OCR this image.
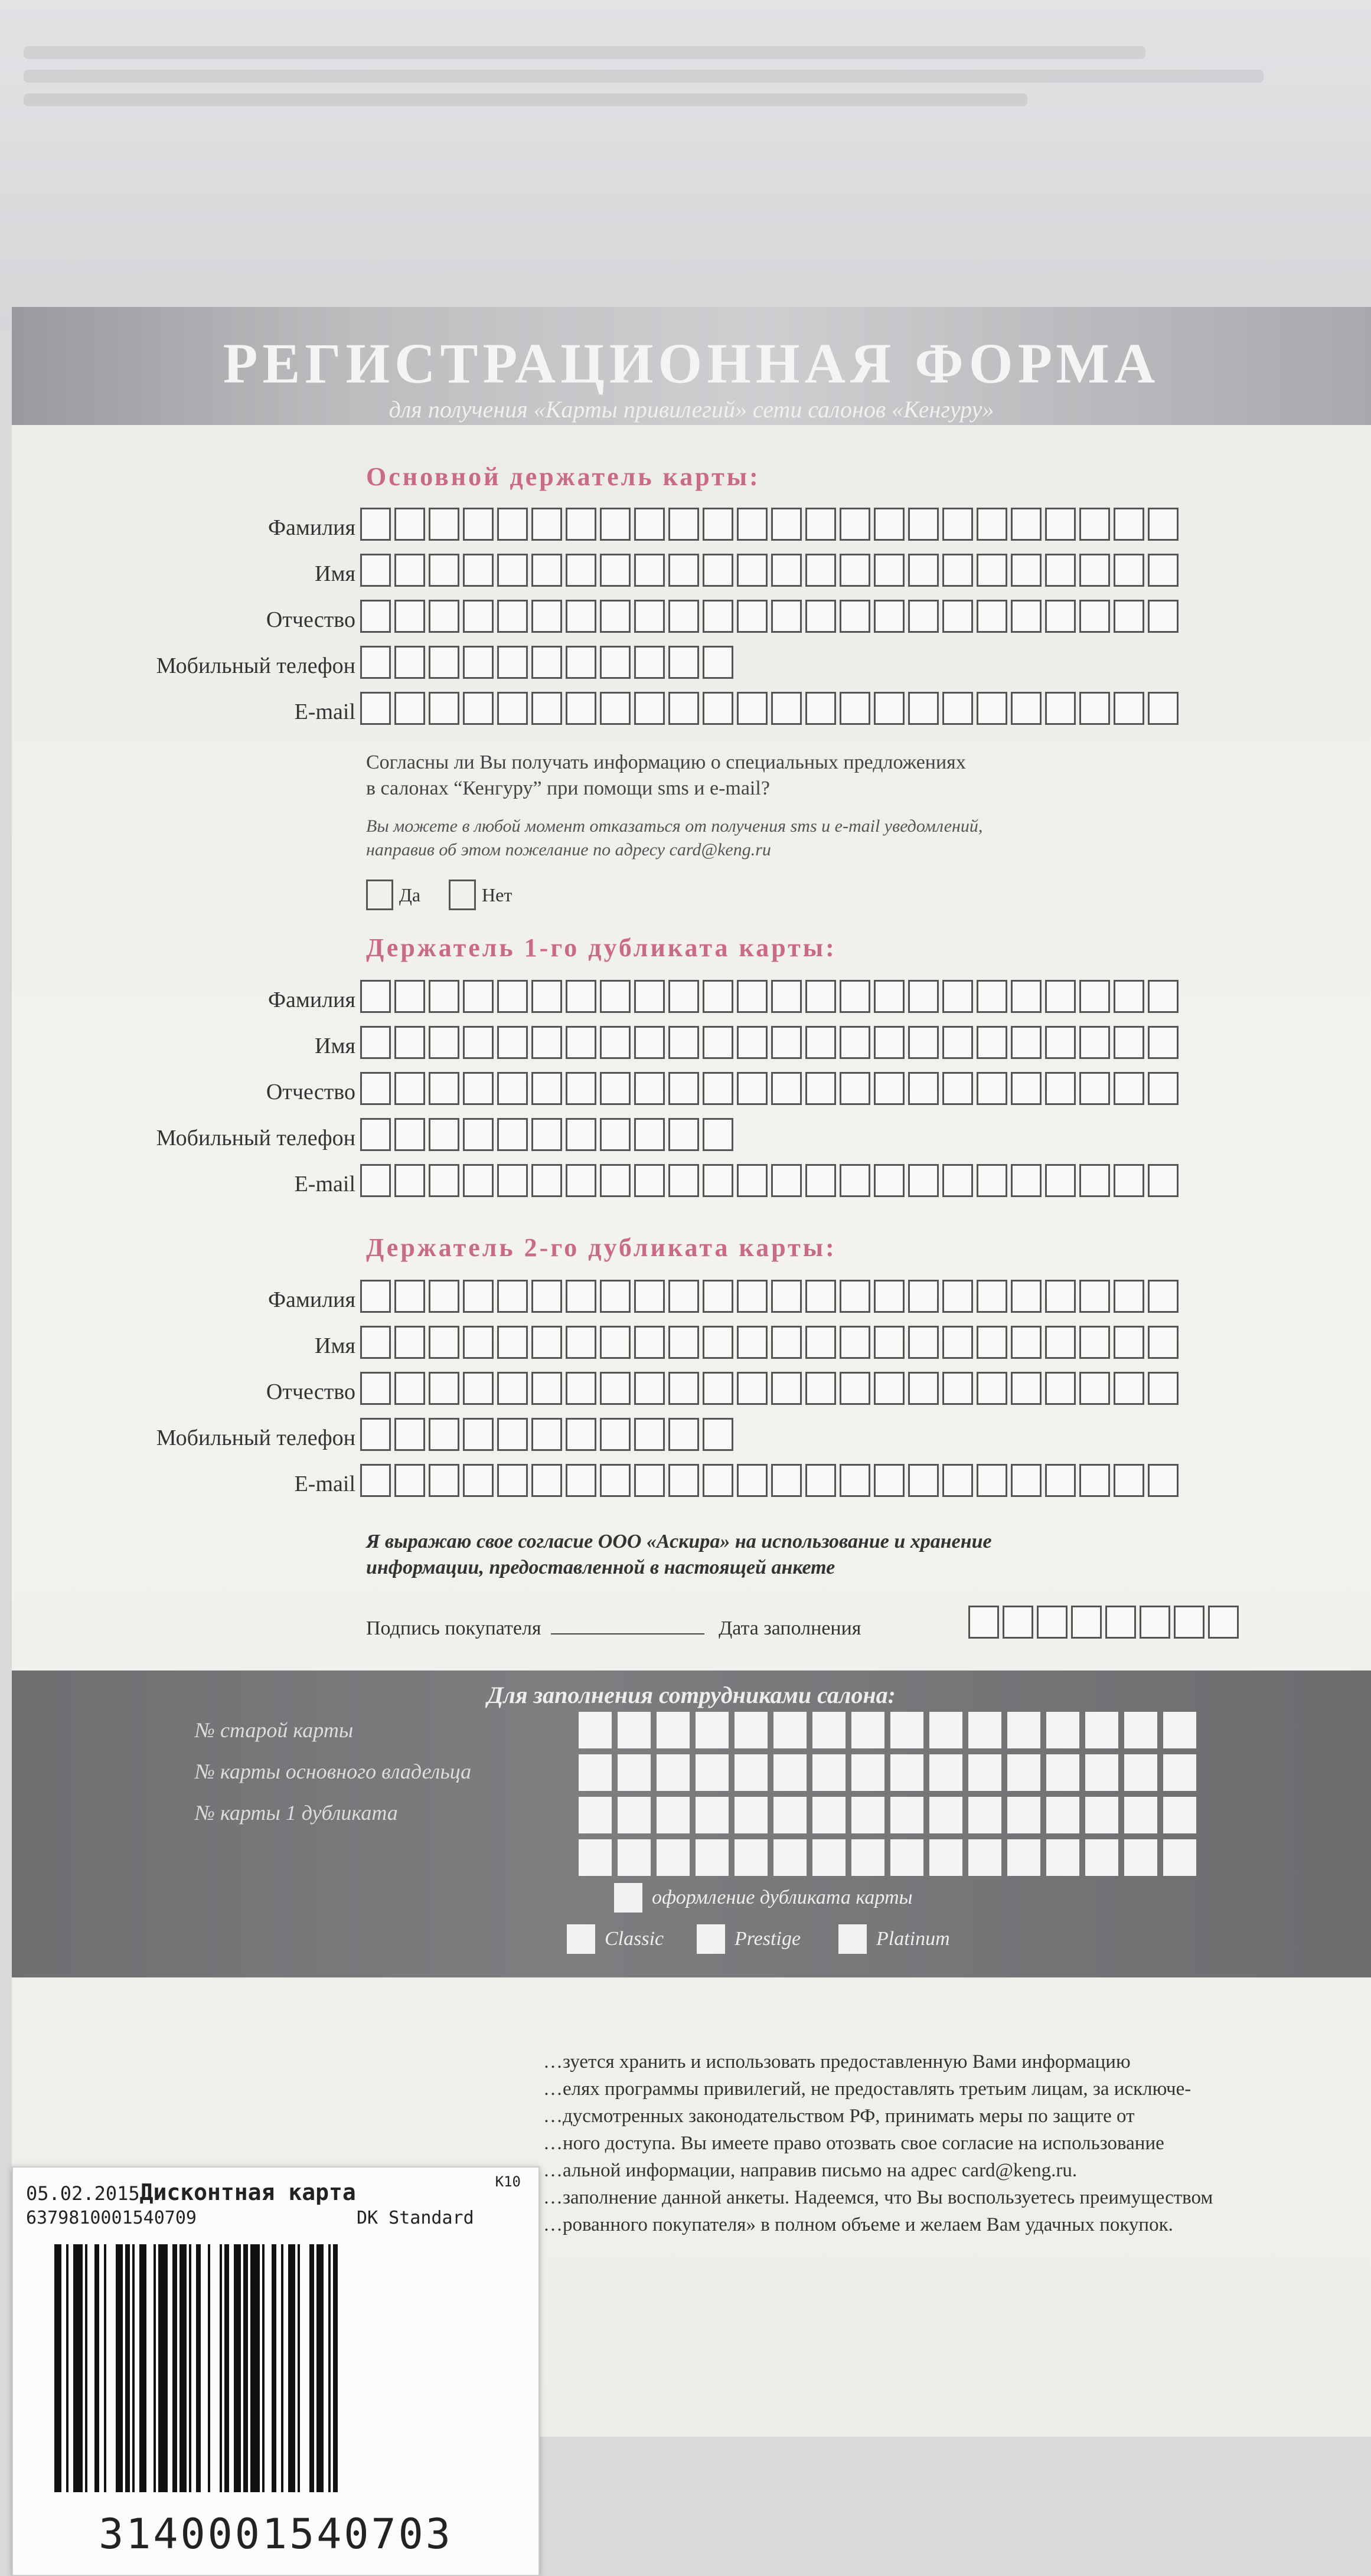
РЕГИСТРАЦИОННАЯ ФОРМА
для получения «Карты привилегий» сети салонов «Кенгуру»
Основной держатель карты:
Фамилия
Имя
Отчество
Мобильный телефон
E-mail
Согласны ли Вы получать информацию о специальных предложениях
в салонах “Кенгуру” при помощи sms и e-mail?
Вы можете в любой момент отказаться от получения sms и e-mail уведомлений,
направив об этом пожелание по адресу card@keng.ru
Да	Нет
Держатель 1-го дубликата карты:
Фамилия
Имя
Отчество
Мобильный телефон
E-mail
Держатель 2-го дубликата карты:
Фамилия
Имя
Отчество
Мобильный телефон
E-mail
Я выражаю свое согласие ООО «Аскира» на использование и хранение
информации, предоставленной в настоящей анкете
Подпись покупателя	Дата заполнения
Для заполнения сотрудниками салона:
№ старой карты
№ карты основного владельца
№ карты 1 дубликата
оформление дубликата карты
Classic	Prestige	Platinum
…зуется хранить и использовать предоставленную Вами информацию
…елях программы привилегий, не предоставлять третьим лицам, за исключе-
…дусмотренных законодательством РФ, принимать меры по защите от
…ного доступа. Вы имеете право отозвать свое согласие на использование
…альной информации, направив письмо на адрес card@keng.ru.
…заполнение данной анкеты. Надеемся, что Вы воспользуетесь преимуществом
…рованного покупателя» в полном объеме и желаем Вам удачных покупок.
05.02.2015Дисконтная карта	K10
6379810001540709	DK Standard
3140001540703
